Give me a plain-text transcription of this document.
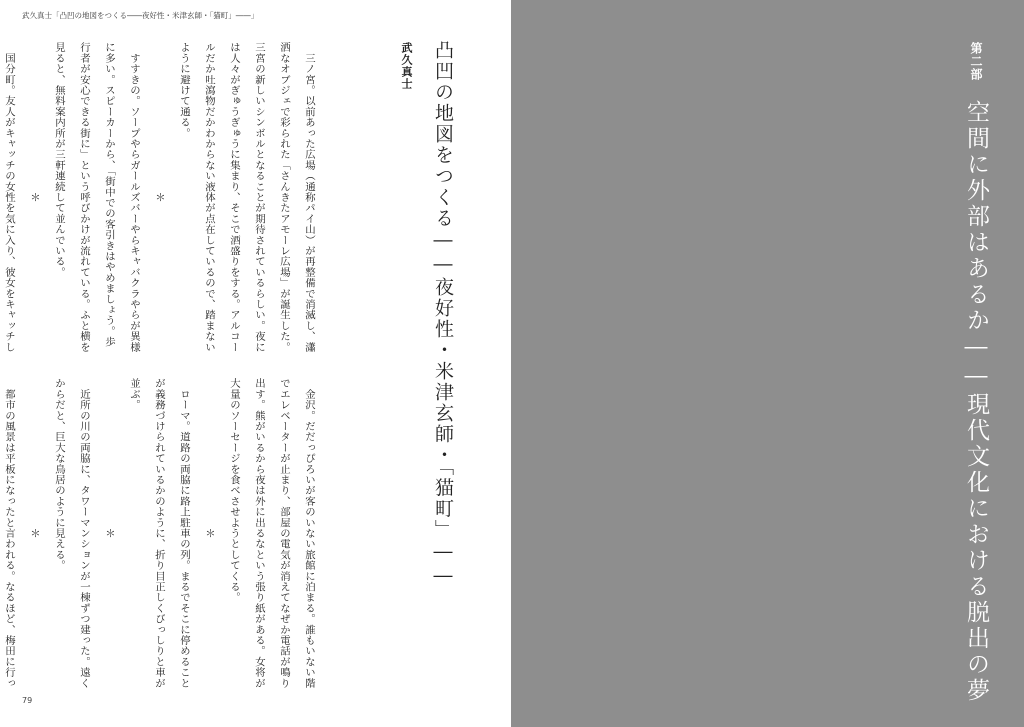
武久真士「凸凹の地図をつくる――夜好性・米津玄師・「猫町」――」
第二部
空間に外部はあるか――現代文化における脱出の夢
凸凹の地図をつくる――夜好性・米津玄師・「猫町」――
武久真士

　三ノ宮。以前あった広場（通称パイ山）が再整備で消滅し、瀟

洒なオブジェで彩られた「さんきたアモーレ広場」が誕生した。

三宮の新しいシンボルとなることが期待されているらしい。夜に

は人々がぎゅうぎゅうに集まり、そこで酒盛りをする。アルコー

ルだか吐瀉物だかわからない液体が点在しているので、踏まない

ように避けて通る。

＊

　すすきの。ソープやらガールズバーやらキャバクラやらが異様

に多い。スピーカーから、「街中での客引きはやめましょう。歩

行者が安心できる街に」という呼びかけが流れている。ふと横を

見ると、無料案内所が三軒連続して並んでいる。

＊

　国分町。友人がキャッチの女性を気に入り、彼女をキャッチし

　金沢。だだっぴろいが客のいない旅館に泊まる。誰もいない階

でエレベーターが止まり、部屋の電気が消えてなぜか電話が鳴り

出す。熊がいるから夜は外に出るなという張り紙がある。女将が

大量のソーセージを食べさせようとしてくる。

＊

　ローマ。道路の両脇に路上駐車の列。まるでそこに停めること

が義務づけられているかのように、折り目正しくびっしりと車が

並ぶ。

＊

　近所の川の両脇に、タワーマンションが一棟ずつ建った。遠く

からだと、巨大な鳥居のように見える。

＊

　都市の風景は平板になったと言われる。なるほど、梅田に行っ

79
